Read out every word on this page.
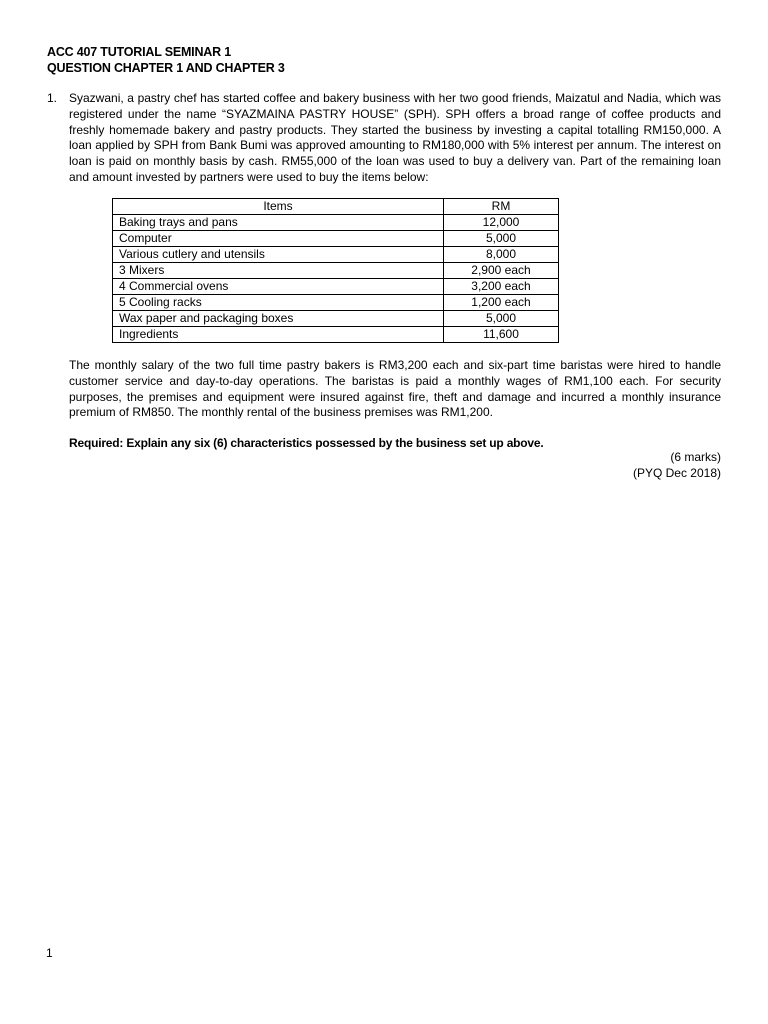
ACC 407 TUTORIAL SEMINAR 1
QUESTION CHAPTER 1 AND CHAPTER 3
1. Syazwani, a pastry chef has started coffee and bakery business with her two good friends, Maizatul and Nadia, which was registered under the name “SYAZMAINA PASTRY HOUSE” (SPH). SPH offers a broad range of coffee products and freshly homemade bakery and pastry products. They started the business by investing a capital totalling RM150,000. A loan applied by SPH from Bank Bumi was approved amounting to RM180,000 with 5% interest per annum. The interest on loan is paid on monthly basis by cash. RM55,000 of the loan was used to buy a delivery van. Part of the remaining loan and amount invested by partners were used to buy the items below:
Items	RM
Baking trays and pans	12,000
Computer	5,000
Various cutlery and utensils	8,000
3 Mixers	2,900 each
4 Commercial ovens	3,200 each
5 Cooling racks	1,200 each
Wax paper and packaging boxes	5,000
Ingredients	11,600
The monthly salary of the two full time pastry bakers is RM3,200 each and six-part time baristas were hired to handle customer service and day-to-day operations. The baristas is paid a monthly wages of RM1,100 each. For security purposes, the premises and equipment were insured against fire, theft and damage and incurred a monthly insurance premium of RM850. The monthly rental of the business premises was RM1,200.
Required: Explain any six (6) characteristics possessed by the business set up above.
(6 marks)
(PYQ Dec 2018)
1
